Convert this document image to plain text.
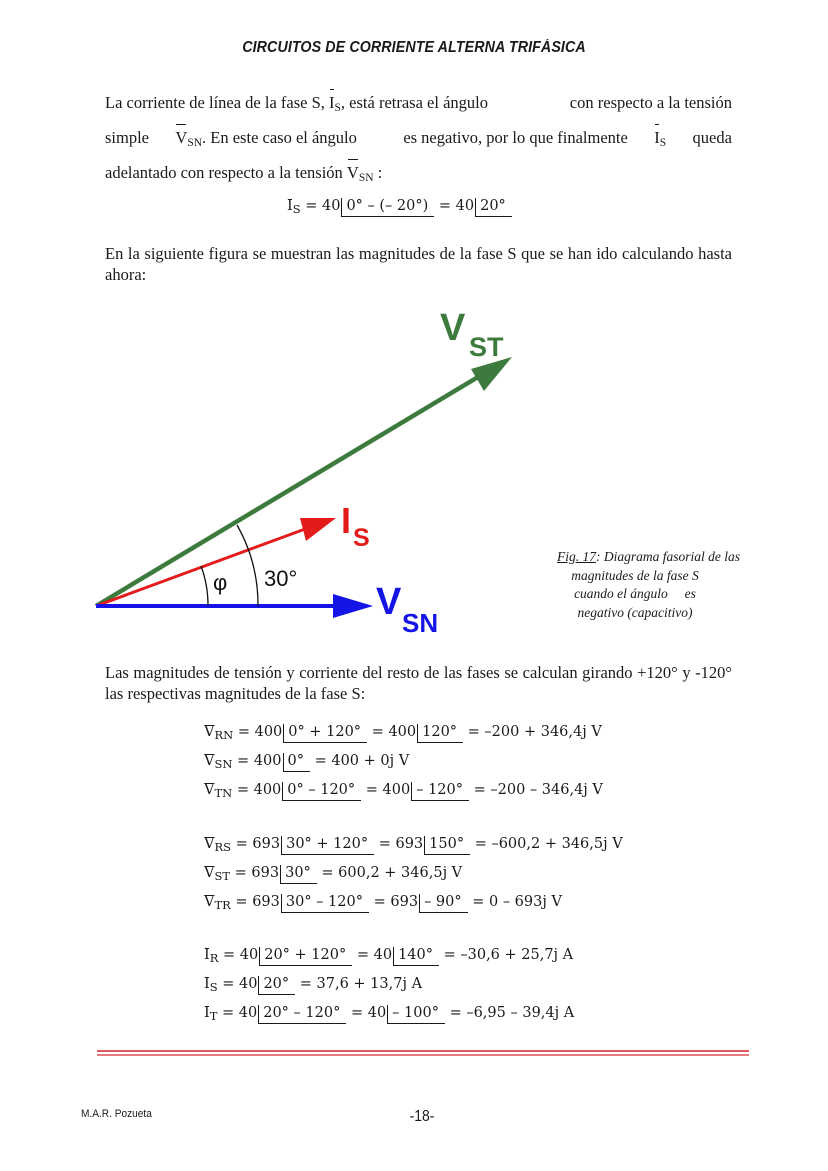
CIRCUITOS DE CORRIENTE ALTERNA TRIFÁSICA
La corriente de línea de la fase S, $I_S$, está retrasa el ángulo	con respecto a la tensión
simple $V_{SN}$. En este caso el ángulo	es negativo, por lo que finalmente $I_S$ queda
adelantado con respecto a la tensión $V_{SN}$ :
$I_S = 40$ 0° – (– 20°) = 40 20°
En la siguiente figura se muestran las magnitudes de la fase S que se han ido calculando hasta ahora:
V ST
I S
V SN
φ 30°
Fig. 17: Diagrama fasorial de las
magnitudes de la fase S
cuando el ángulo     es
negativo (capacitivo)
Las magnitudes de tensión y corriente del resto de las fases se calculan girando +120° y -120° las respectivas magnitudes de la fase S:
$V_{RN} = 400$ 0° + 120° = 400 120° = –200 + 346,4j V
$V_{SN} = 400$ 0° = 400 + 0j V
$V_{TN} = 400$ 0° – 120° = 400 – 120° = –200 – 346,4j V
$V_{RS} = 693$ 30° + 120° = 693 150° = –600,2 + 346,5j V
$V_{ST} = 693$ 30° = 600,2 + 346,5j V
$V_{TR} = 693$ 30° – 120° = 693 – 90° = 0 – 693j V
$I_R = 40$ 20° + 120° = 40 140° = –30,6 + 25,7j A
$I_S = 40$ 20° = 37,6 + 13,7j A
$I_T = 40$ 20° – 120° = 40 – 100° = –6,95 – 39,4j A
M.A.R. Pozueta	-18-
